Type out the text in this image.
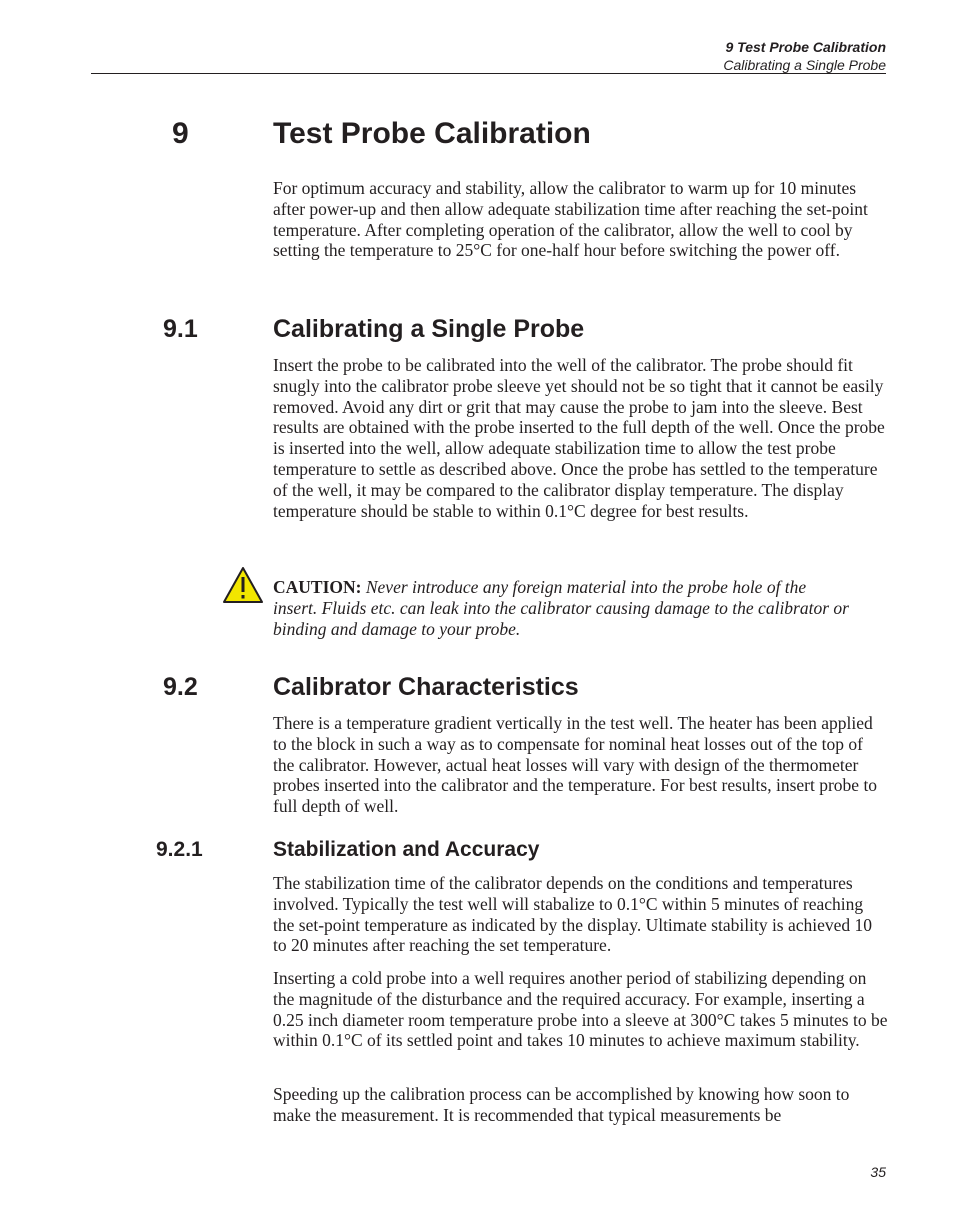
9 Test Probe Calibration
Calibrating a Single Probe
9	Test Probe Calibration

For optimum accuracy and stability, allow the calibrator to warm up for 10 minutes after power-up and then allow adequate stabilization time after reaching the set-point temperature. After completing operation of the calibrator, allow the well to cool by setting the temperature to 25°C for one-half hour before switching the power off.

9.1	Calibrating a Single Probe

Insert the probe to be calibrated into the well of the calibrator. The probe should fit snugly into the calibrator probe sleeve yet should not be so tight that it cannot be easily removed. Avoid any dirt or grit that may cause the probe to jam into the sleeve. Best results are obtained with the probe inserted to the full depth of the well. Once the probe is inserted into the well, allow adequate stabilization time to allow the test probe temperature to settle as described above. Once the probe has settled to the temperature of the well, it may be compared to the calibrator display temperature. The display temperature should be stable to within 0.1°C degree for best results.

CAUTION: Never introduce any foreign material into the probe hole of the insert. Fluids etc. can leak into the calibrator causing damage to the calibrator or binding and damage to your probe.

9.2	Calibrator Characteristics

There is a temperature gradient vertically in the test well. The heater has been applied to the block in such a way as to compensate for nominal heat losses out of the top of the calibrator. However, actual heat losses will vary with design of the thermometer probes inserted into the calibrator and the temperature. For best results, insert probe to full depth of well.

9.2.1	Stabilization and Accuracy

The stabilization time of the calibrator depends on the conditions and temperatures involved. Typically the test well will stabalize to 0.1°C within 5 minutes of reaching the set-point temperature as indicated by the display. Ultimate stability is achieved 10 to 20 minutes after reaching the set temperature.

Inserting a cold probe into a well requires another period of stabilizing depending on the magnitude of the disturbance and the required accuracy. For example, inserting a 0.25 inch diameter room temperature probe into a sleeve at 300°C takes 5 minutes to be within 0.1°C of its settled point and takes 10 minutes to achieve maximum stability.

Speeding up the calibration process can be accomplished by knowing how soon to make the measurement. It is recommended that typical measurements be

35
